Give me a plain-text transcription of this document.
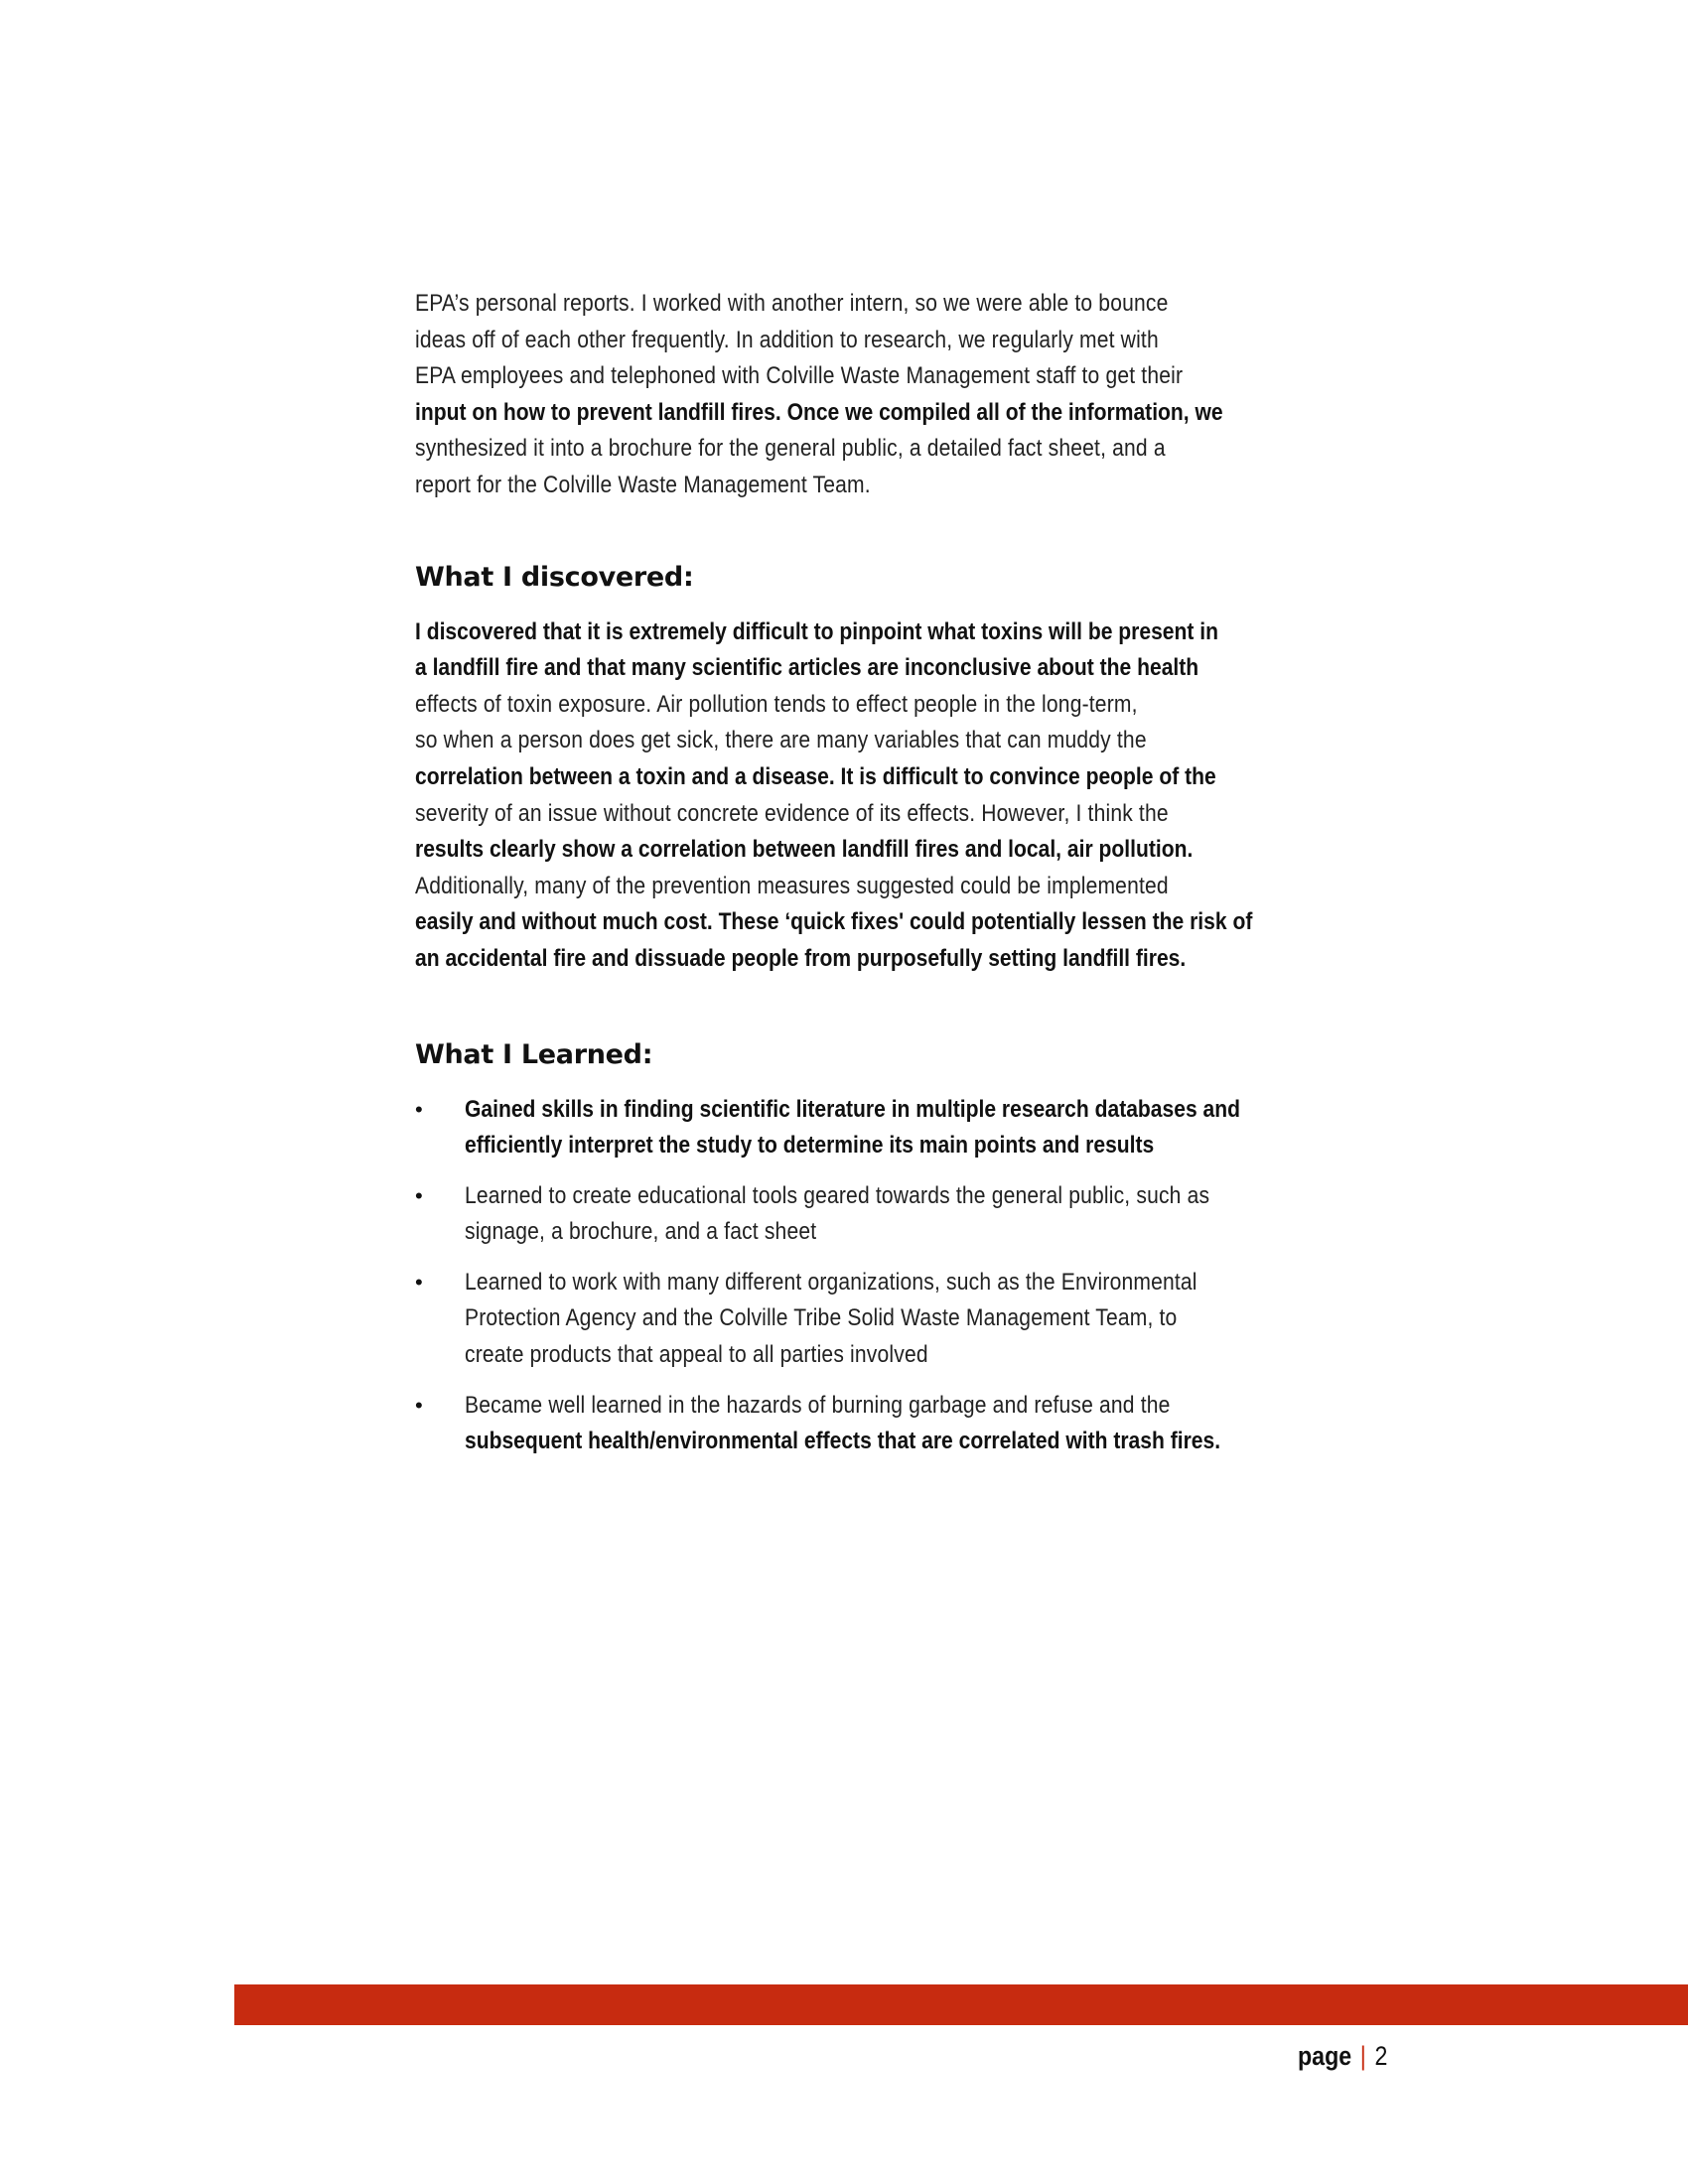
EPA’s personal reports. I worked with another intern, so we were able to bounce
ideas off of each other frequently. In addition to research, we regularly met with
EPA employees and telephoned with Colville Waste Management staff to get their
input on how to prevent landfill fires. Once we compiled all of the information, we
synthesized it into a brochure for the general public, a detailed fact sheet, and a
report for the Colville Waste Management Team.

What I discovered:

I discovered that it is extremely difficult to pinpoint what toxins will be present in
a landfill fire and that many scientific articles are inconclusive about the health
effects of toxin exposure. Air pollution tends to effect people in the long-term,
so when a person does get sick, there are many variables that can muddy the
correlation between a toxin and a disease. It is difficult to convince people of the
severity of an issue without concrete evidence of its effects. However, I think the
results clearly show a correlation between landfill fires and local, air pollution.
Additionally, many of the prevention measures suggested could be implemented
easily and without much cost. These ‘quick fixes' could potentially lessen the risk of
an accidental fire and dissuade people from purposefully setting landfill fires.

What I Learned:
• Gained skills in finding scientific literature in multiple research databases and
efficiently interpret the study to determine its main points and results

• Learned to create educational tools geared towards the general public, such as
signage, a brochure, and a fact sheet

• Learned to work with many different organizations, such as the Environmental
Protection Agency and the Colville Tribe Solid Waste Management Team, to
create products that appeal to all parties involved

• Became well learned in the hazards of burning garbage and refuse and the
subsequent health/environmental effects that are correlated with trash fires.

page | 2
